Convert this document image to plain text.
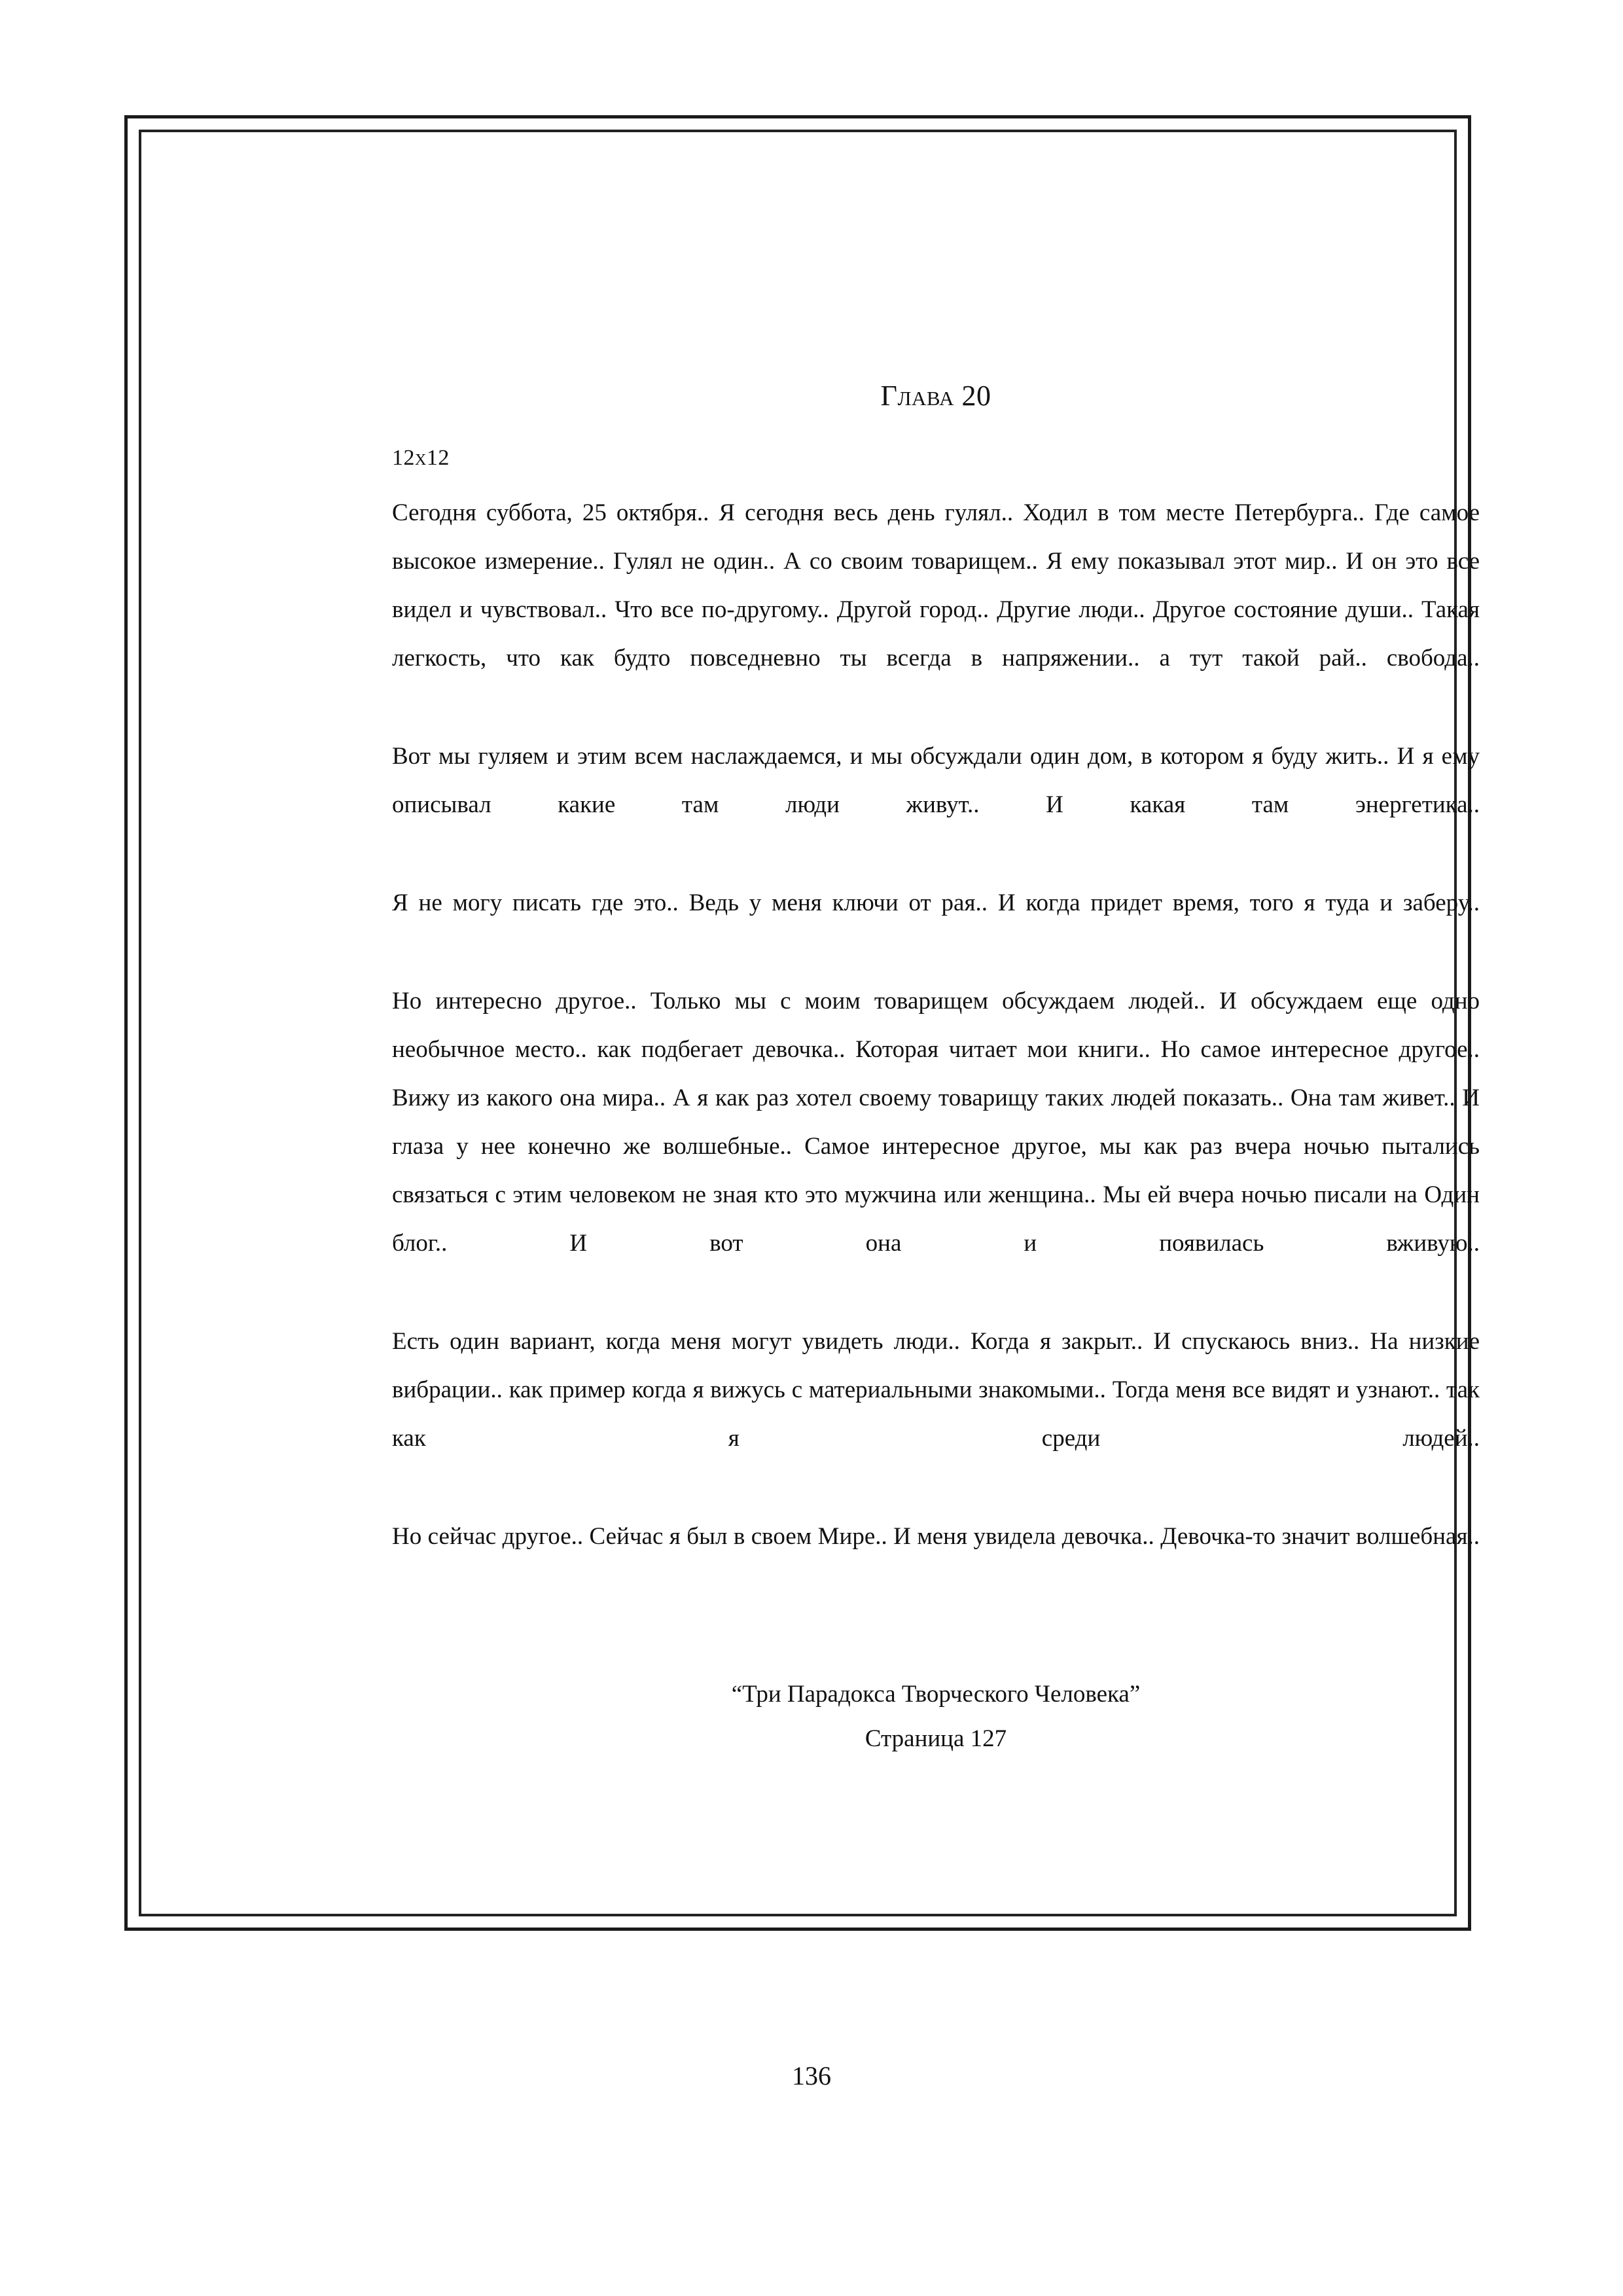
Глава 20
12х12

Сегодня суббота, 25 октября.. Я сегодня весь день гулял.. Ходил в том месте Петербурга.. Где самое высокое измерение.. Гулял не один.. А со своим товарищем.. Я ему показывал этот мир.. И он это все видел и чувствовал.. Что все по-другому.. Другой город.. Другие люди.. Другое состояние души.. Такая легкость, что как будто повседневно ты всегда в напряжении.. а тут такой рай.. свобода..

Вот мы гуляем и этим всем наслаждаемся, и мы обсуждали один дом, в котором я буду жить.. И я ему описывал какие там люди живут.. И какая там энергетика..

Я не могу писать где это.. Ведь у меня ключи от рая.. И когда придет время, того я туда и заберу..

Но интересно другое.. Только мы с моим товарищем обсуждаем людей.. И обсуждаем еще одно необычное место.. как подбегает девочка.. Которая читает мои книги.. Но самое интересное другое.. Вижу из какого она мира.. А я как раз хотел своему товарищу таких людей показать.. Она там живет.. И глаза у нее конечно же волшебные.. Самое интересное другое, мы как раз вчера ночью пытались связаться с этим человеком не зная кто это мужчина или женщина.. Мы ей вчера ночью писали на Один блог.. И вот она и появилась вживую..

Есть один вариант, когда меня могут увидеть люди.. Когда я закрыт.. И спускаюсь вниз.. На низкие вибрации.. как пример когда я вижусь с материальными знакомыми.. Тогда меня все видят и узнают.. так как я среди людей..

Но сейчас другое.. Сейчас я был в своем Мире.. И меня увидела девочка.. Девочка-то значит волшебная..

“Три Парадокса Творческого Человека”
Страница 127
136
